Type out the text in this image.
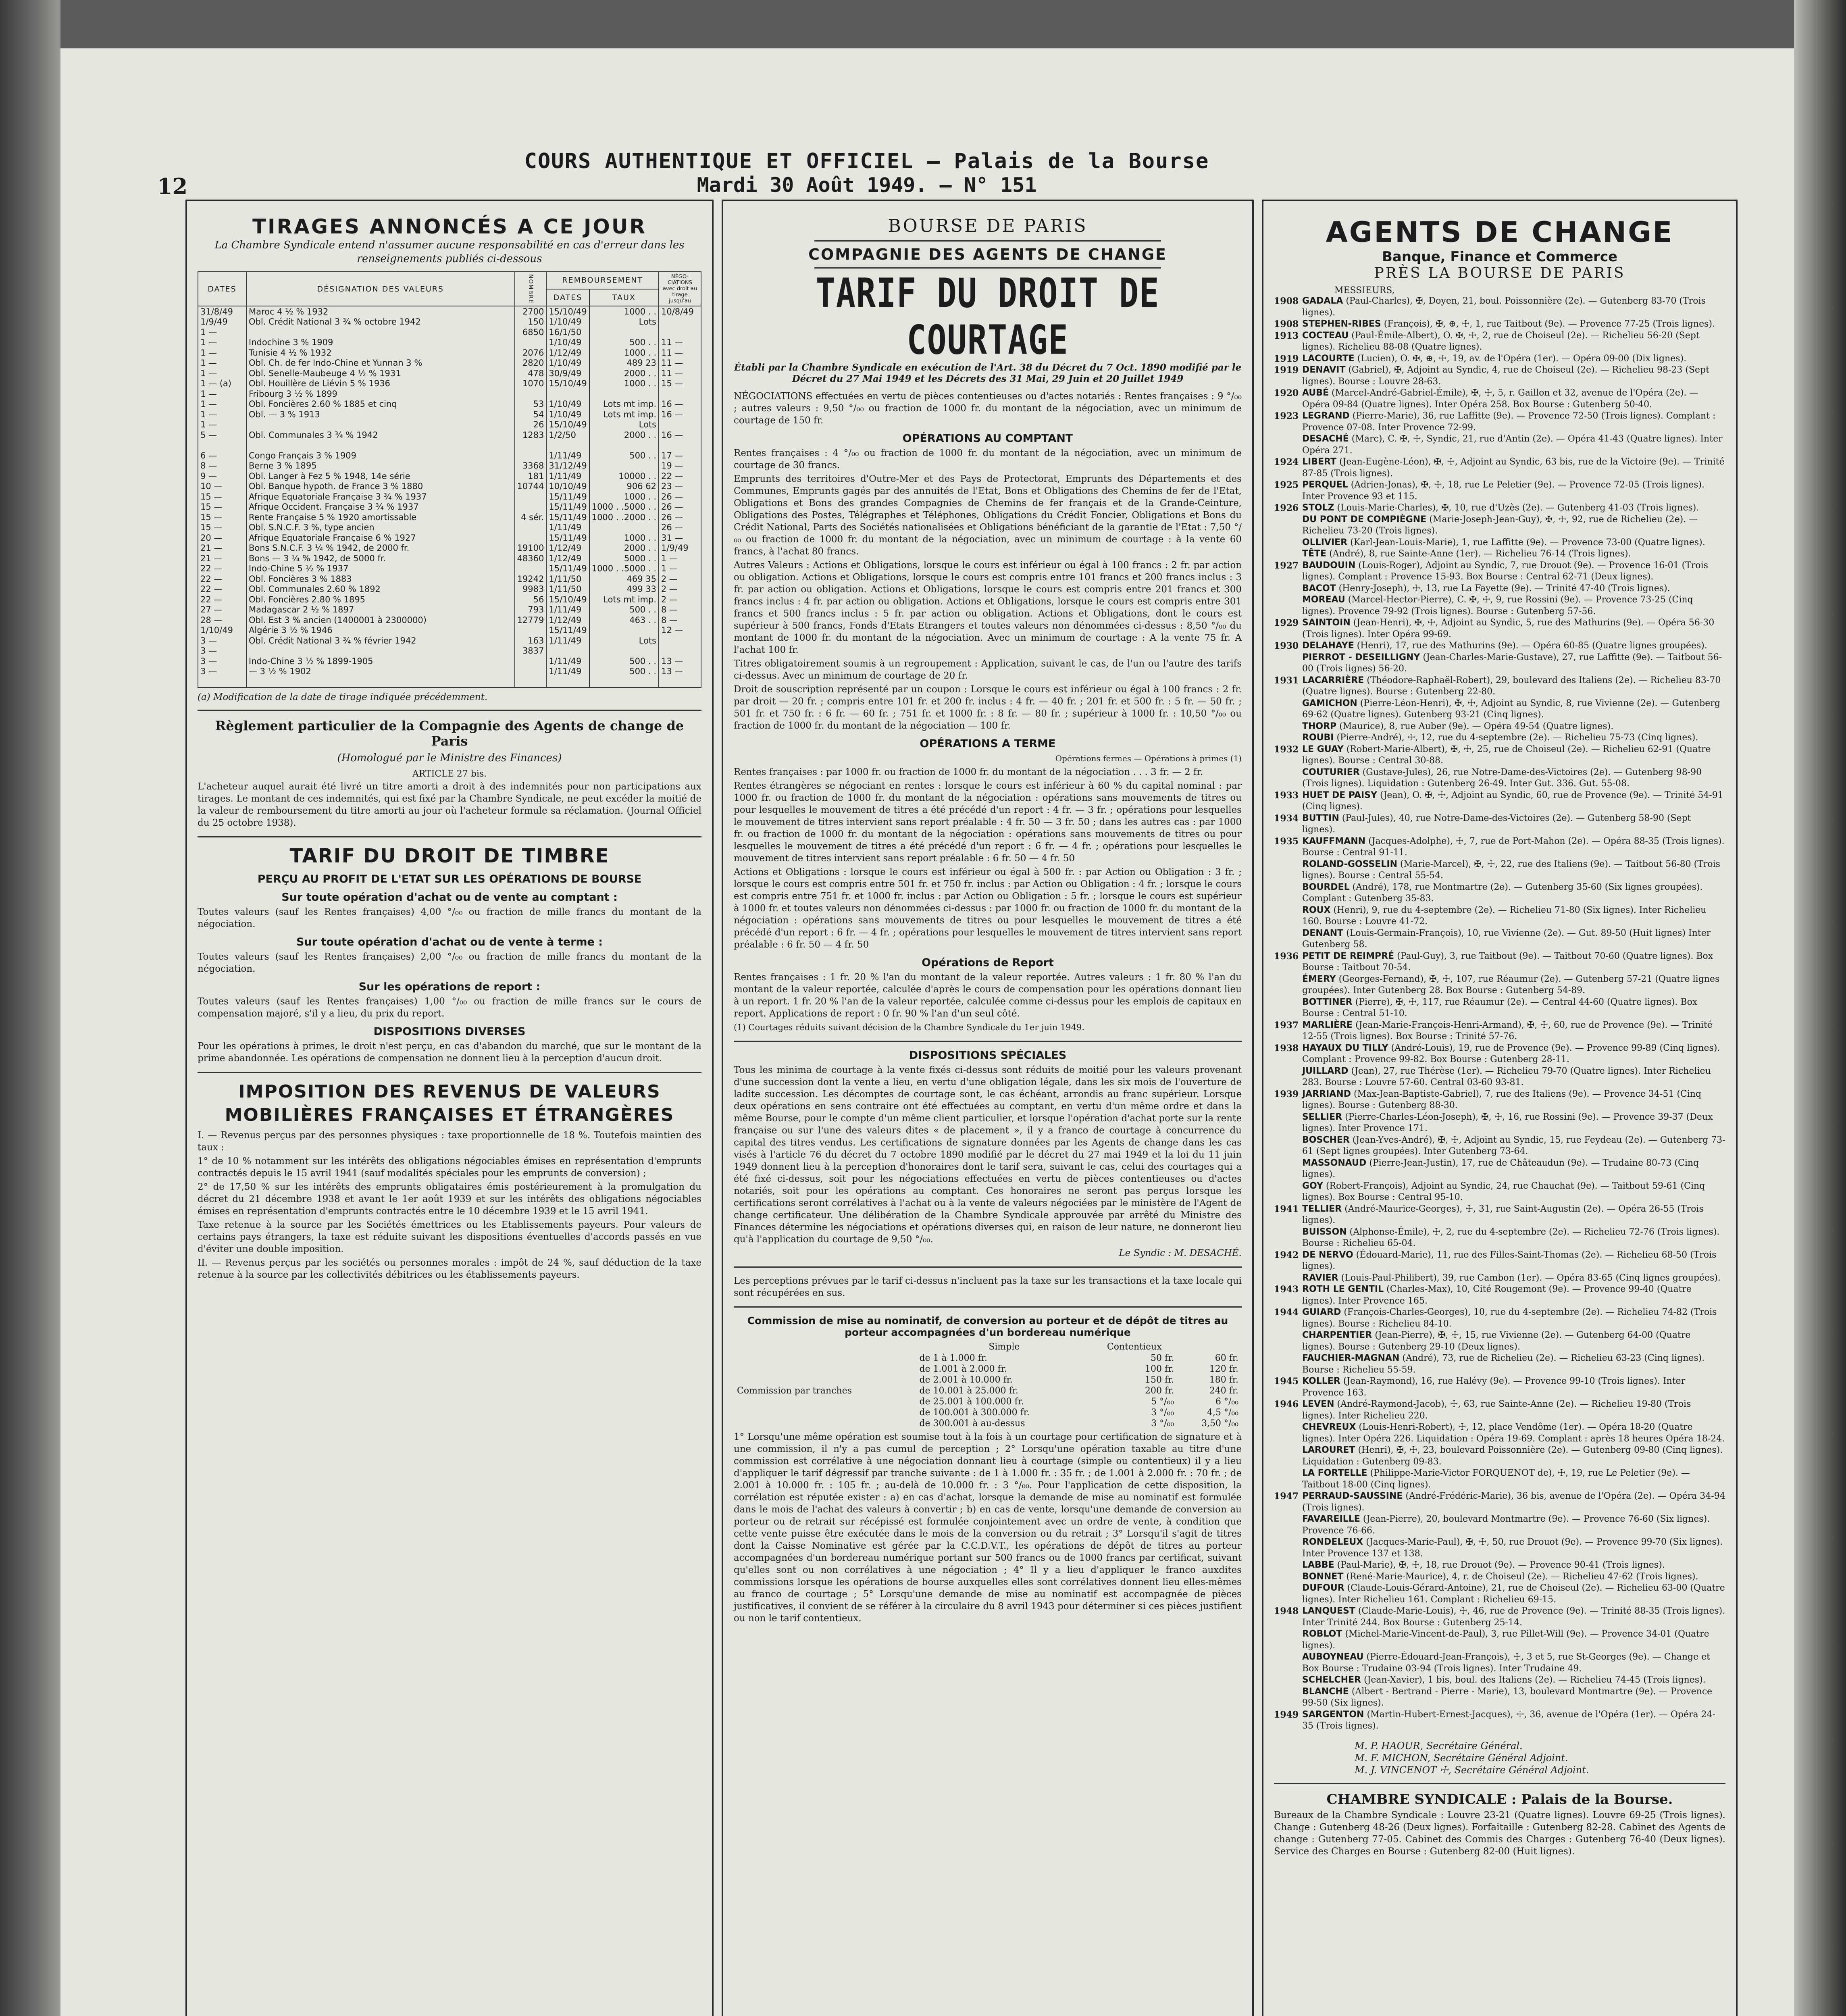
12
COURS AUTHENTIQUE ET OFFICIEL — Palais de la Bourse
Mardi 30 Août 1949. — N° 151
TIRAGES ANNONCÉS A CE JOUR
La Chambre Syndicale entend n'assumer aucune responsabilité en cas d'erreur dans les renseignements publiés ci-dessous
DATES	DÉSIGNATION DES VALEURS	NOMBRE	REMBOURSEMENT		NÉGO-CIATIONS avec droit au tirage jusqu'au
			DATES	TAUX	
31/8/49	Maroc 4 ½ % 1932	2700	15/10/49	1000 . .	10/8/49
1/9/49	Obl. Crédit National 3 ¾ % octobre 1942	150	1/10/49	Lots	
1 —		6850	16/1/50		
1 —	Indochine 3 % 1909		1/10/49	500 . .	11 —
1 —	Tunisie 4 ½ % 1932	2076	1/12/49	1000 . .	11 —
1 —	Obl. Ch. de fer Indo-Chine et Yunnan 3 %	2820	1/10/49	489 23	11 —
1 —	Obl. Senelle-Maubeuge 4 ½ % 1931	478	30/9/49	2000 . .	11 —
1 — (a)	Obl. Houillère de Liévin 5 % 1936	1070	15/10/49	1000 . .	15 —
1 —	Fribourg 3 ½ % 1899				
1 —	Obl. Foncières 2.60 % 1885 et cinq	53	1/10/49	Lots mt imp.	16 —
1 —	Obl. — 3 % 1913	54	1/10/49	Lots mt imp.	16 —
1 —		26	15/10/49	Lots	
5 —	Obl. Communales 3 ¾ % 1942	1283	1/2/50	2000 . .	16 —

6 —	Congo Français 3 % 1909		1/11/49	500 . .	17 —
8 —	Berne 3 % 1895	3368	31/12/49		19 —
9 —	Obl. Langer à Fez 5 % 1948, 14e série	181	1/11/49	10000 . .	22 —
10 —	Obl. Banque hypoth. de France 3 % 1880	10744	10/10/49	906 62	23 —
15 —	Afrique Equatoriale Française 3 ¾ % 1937		15/11/49	1000 . .	26 —
15 —	Afrique Occident. Française 3 ¾ % 1937		15/11/49	1000 . .5000 . .	26 —
15 —	Rente Française 5 % 1920 amortissable	4 sér.	15/11/49	1000 . .2000 . .	26 —
15 —	Obl. S.N.C.F. 3 %, type ancien		1/11/49		26 —
20 —	Afrique Equatoriale Française 6 % 1927		15/11/49	1000 . .	31 —
21 —	Bons S.N.C.F. 3 ¼ % 1942, de 2000 fr.	19100	1/12/49	2000 . .	1/9/49
21 —	Bons — 3 ¼ % 1942, de 5000 fr.	48360	1/12/49	5000 . .	1 —
22 —	Indo-Chine 5 ½ % 1937		15/11/49	1000 . .5000 . .	1 —
22 —	Obl. Foncières 3 % 1883	19242	1/11/50	469 35	2 —
22 —	Obl. Communales 2.60 % 1892	9983	1/11/50	499 33	2 —
22 —	Obl. Foncières 2.80 % 1895	56	15/10/49	Lots mt imp.	2 —
27 —	Madagascar 2 ½ % 1897	793	1/11/49	500 . .	8 —
28 —	Obl. Est 3 % ancien (1400001 à 2300000)	12779	1/12/49	463 . .	8 —
1/10/49	Algérie 3 ½ % 1946		15/11/49		12 —
3 —	Obl. Crédit National 3 ¾ % février 1942	163	1/11/49	Lots	
3 —		3837			
3 —	Indo-Chine 3 ½ % 1899-1905		1/11/49	500 . .	13 —
3 —	— 3 ½ % 1902		1/11/49	500 . .	13 —

(a) Modification de la date de tirage indiquée précédemment.
Règlement particulier de la Compagnie des Agents de change de Paris
(Homologué par le Ministre des Finances)
ARTICLE 27 bis.
L'acheteur auquel aurait été livré un titre amorti a droit à des indemnités pour non participations aux tirages. Le montant de ces indemnités, qui est fixé par la Chambre Syndicale, ne peut excéder la moitié de la valeur de remboursement du titre amorti au jour où l'acheteur formule sa réclamation. (Journal Officiel du 25 octobre 1938).
TARIF DU DROIT DE TIMBRE
PERÇU AU PROFIT DE L'ETAT SUR LES OPÉRATIONS DE BOURSE
Sur toute opération d'achat ou de vente au comptant :
Toutes valeurs (sauf les Rentes françaises) 4,00 °/₀₀ ou fraction de mille francs du montant de la négociation.
Sur toute opération d'achat ou de vente à terme :
Toutes valeurs (sauf les Rentes françaises) 2,00 °/₀₀ ou fraction de mille francs du montant de la négociation.
Sur les opérations de report :
Toutes valeurs (sauf les Rentes françaises) 1,00 °/₀₀ ou fraction de mille francs sur le cours de compensation majoré, s'il y a lieu, du prix du report.
DISPOSITIONS DIVERSES
Pour les opérations à primes, le droit n'est perçu, en cas d'abandon du marché, que sur le montant de la prime abandonnée. Les opérations de compensation ne donnent lieu à la perception d'aucun droit.
IMPOSITION DES REVENUS DE VALEURS MOBILIÈRES FRANÇAISES ET ÉTRANGÈRES
I. — Revenus perçus par des personnes physiques : taxe proportionnelle de 18 %. Toutefois maintien des taux :
1° de 10 % notamment sur les intérêts des obligations négociables émises en représentation d'emprunts contractés depuis le 15 avril 1941 (sauf modalités spéciales pour les emprunts de conversion) ;
2° de 17,50 % sur les intérêts des emprunts obligataires émis postérieurement à la promulgation du décret du 21 décembre 1938 et avant le 1er août 1939 et sur les intérêts des obligations négociables émises en représentation d'emprunts contractés entre le 10 décembre 1939 et le 15 avril 1941.
Taxe retenue à la source par les Sociétés émettrices ou les Etablissements payeurs. Pour valeurs de certains pays étrangers, la taxe est réduite suivant les dispositions éventuelles d'accords passés en vue d'éviter une double imposition.
II. — Revenus perçus par les sociétés ou personnes morales : impôt de 24 %, sauf déduction de la taxe retenue à la source par les collectivités débitrices ou les établissements payeurs.
BOURSE DE PARIS
COMPAGNIE DES AGENTS DE CHANGE
TARIF DU DROIT DE COURTAGE
Établi par la Chambre Syndicale en exécution de l'Art. 38 du Décret du 7 Oct. 1890 modifié par le Décret du 27 Mai 1949 et les Décrets des 31 Mai, 29 Juin et 20 Juillet 1949
NÉGOCIATIONS effectuées en vertu de pièces contentieuses ou d'actes notariés : Rentes françaises : 9 °/₀₀ ; autres valeurs : 9,50 °/₀₀ ou fraction de 1000 fr. du montant de la négociation, avec un minimum de courtage de 150 fr.
OPÉRATIONS AU COMPTANT
Rentes françaises : 4 °/₀₀ ou fraction de 1000 fr. du montant de la négociation, avec un minimum de courtage de 30 francs.
Emprunts des territoires d'Outre-Mer et des Pays de Protectorat, Emprunts des Départements et des Communes, Emprunts gagés par des annuités de l'Etat, Bons et Obligations des Chemins de fer de l'Etat, Obligations et Bons des grandes Compagnies de Chemins de fer français et de la Grande-Ceinture, Obligations des Postes, Télégraphes et Téléphones, Obligations du Crédit Foncier, Obligations et Bons du Crédit National, Parts des Sociétés nationalisées et Obligations bénéficiant de la garantie de l'Etat : 7,50 °/₀₀ ou fraction de 1000 fr. du montant de la négociation, avec un minimum de courtage : à la vente 60 francs, à l'achat 80 francs.
Autres Valeurs : Actions et Obligations, lorsque le cours est inférieur ou égal à 100 francs : 2 fr. par action ou obligation. Actions et Obligations, lorsque le cours est compris entre 101 francs et 200 francs inclus : 3 fr. par action ou obligation. Actions et Obligations, lorsque le cours est compris entre 201 francs et 300 francs inclus : 4 fr. par action ou obligation. Actions et Obligations, lorsque le cours est compris entre 301 francs et 500 francs inclus : 5 fr. par action ou obligation. Actions et Obligations, dont le cours est supérieur à 500 francs, Fonds d'Etats Etrangers et toutes valeurs non dénommées ci-dessus : 8,50 °/₀₀ du montant de 1000 fr. du montant de la négociation. Avec un minimum de courtage : A la vente 75 fr. A l'achat 100 fr.
Titres obligatoirement soumis à un regroupement : Application, suivant le cas, de l'un ou l'autre des tarifs ci-dessus. Avec un minimum de courtage de 20 fr.
Droit de souscription représenté par un coupon : Lorsque le cours est inférieur ou égal à 100 francs : 2 fr. par droit — 20 fr. ; compris entre 101 fr. et 200 fr. inclus : 4 fr. — 40 fr. ; 201 fr. et 500 fr. : 5 fr. — 50 fr. ; 501 fr. et 750 fr. : 6 fr. — 60 fr. ; 751 fr. et 1000 fr. : 8 fr. — 80 fr. ; supérieur à 1000 fr. : 10,50 °/₀₀ ou fraction de 1000 fr. du montant de la négociation — 100 fr.
OPÉRATIONS A TERME
Opérations fermes — Opérations à primes (1)
Rentes françaises : par 1000 fr. ou fraction de 1000 fr. du montant de la négociation . . . 3 fr. — 2 fr.
Rentes étrangères se négociant en rentes : lorsque le cours est inférieur à 60 % du capital nominal : par 1000 fr. ou fraction de 1000 fr. du montant de la négociation : opérations sans mouvements de titres ou pour lesquelles le mouvement de titres a été précédé d'un report : 4 fr. — 3 fr. ; opérations pour lesquelles le mouvement de titres intervient sans report préalable : 4 fr. 50 — 3 fr. 50 ; dans les autres cas : par 1000 fr. ou fraction de 1000 fr. du montant de la négociation : opérations sans mouvements de titres ou pour lesquelles le mouvement de titres a été précédé d'un report : 6 fr. — 4 fr. ; opérations pour lesquelles le mouvement de titres intervient sans report préalable : 6 fr. 50 — 4 fr. 50
Actions et Obligations : lorsque le cours est inférieur ou égal à 500 fr. : par Action ou Obligation : 3 fr. ; lorsque le cours est compris entre 501 fr. et 750 fr. inclus : par Action ou Obligation : 4 fr. ; lorsque le cours est compris entre 751 fr. et 1000 fr. inclus : par Action ou Obligation : 5 fr. ; lorsque le cours est supérieur à 1000 fr. et toutes valeurs non dénommées ci-dessus : par 1000 fr. ou fraction de 1000 fr. du montant de la négociation : opérations sans mouvements de titres ou pour lesquelles le mouvement de titres a été précédé d'un report : 6 fr. — 4 fr. ; opérations pour lesquelles le mouvement de titres intervient sans report préalable : 6 fr. 50 — 4 fr. 50
Opérations de Report
Rentes françaises : 1 fr. 20 % l'an du montant de la valeur reportée. Autres valeurs : 1 fr. 80 % l'an du montant de la valeur reportée, calculée d'après le cours de compensation pour les opérations donnant lieu à un report. 1 fr. 20 % l'an de la valeur reportée, calculée comme ci-dessus pour les emplois de capitaux en report. Applications de report : 0 fr. 90 % l'an d'un seul côté.
(1) Courtages réduits suivant décision de la Chambre Syndicale du 1er juin 1949.
DISPOSITIONS SPÉCIALES
Tous les minima de courtage à la vente fixés ci-dessus sont réduits de moitié pour les valeurs provenant d'une succession dont la vente a lieu, en vertu d'une obligation légale, dans les six mois de l'ouverture de ladite succession. Les décomptes de courtage sont, le cas échéant, arrondis au franc supérieur. Lorsque deux opérations en sens contraire ont été effectuées au comptant, en vertu d'un même ordre et dans la même Bourse, pour le compte d'un même client particulier, et lorsque l'opération d'achat porte sur la rente française ou sur l'une des valeurs dites « de placement », il y a franco de courtage à concurrence du capital des titres vendus. Les certifications de signature données par les Agents de change dans les cas visés à l'article 76 du décret du 7 octobre 1890 modifié par le décret du 27 mai 1949 et la loi du 11 juin 1949 donnent lieu à la perception d'honoraires dont le tarif sera, suivant le cas, celui des courtages qui a été fixé ci-dessus, soit pour les négociations effectuées en vertu de pièces contentieuses ou d'actes notariés, soit pour les opérations au comptant. Ces honoraires ne seront pas perçus lorsque les certifications seront corrélatives à l'achat ou à la vente de valeurs négociées par le ministère de l'Agent de change certificateur. Une délibération de la Chambre Syndicale approuvée par arrêté du Ministre des Finances détermine les négociations et opérations diverses qui, en raison de leur nature, ne donneront lieu qu'à l'application du courtage de 9,50 °/₀₀.
Le Syndic : M. DESACHÉ.
Les perceptions prévues par le tarif ci-dessus n'incluent pas la taxe sur les transactions et la taxe locale qui sont récupérées en sus.
Commission de mise au nominatif, de conversion au porteur et de dépôt de titres au porteur accompagnées d'un bordereau numérique
	Simple	Contentieux	
Commission par tranches	de 1 à 1.000 fr.	50 fr.	60 fr.
	de 1.001 à 2.000 fr.	100 fr.	120 fr.
	de 2.001 à 10.000 fr.	150 fr.	180 fr.
	de 10.001 à 25.000 fr.	200 fr.	240 fr.
	de 25.001 à 100.000 fr.	5 °/₀₀	6 °/₀₀
	de 100.001 à 300.000 fr.	3 °/₀₀	4,5 °/₀₀
	de 300.001 à au-dessus	3 °/₀₀	3,50 °/₀₀
1° Lorsqu'une même opération est soumise tout à la fois à un courtage pour certification de signature et à une commission, il n'y a pas cumul de perception ; 2° Lorsqu'une opération taxable au titre d'une commission est corrélative à une négociation donnant lieu à courtage (simple ou contentieux) il y a lieu d'appliquer le tarif dégressif par tranche suivante : de 1 à 1.000 fr. : 35 fr. ; de 1.001 à 2.000 fr. : 70 fr. ; de 2.001 à 10.000 fr. : 105 fr. ; au-delà de 10.000 fr. : 3 °/₀₀. Pour l'application de cette disposition, la corrélation est réputée exister : a) en cas d'achat, lorsque la demande de mise au nominatif est formulée dans le mois de l'achat des valeurs à convertir ; b) en cas de vente, lorsqu'une demande de conversion au porteur ou de retrait sur récépissé est formulée conjointement avec un ordre de vente, à condition que cette vente puisse être exécutée dans le mois de la conversion ou du retrait ; 3° Lorsqu'il s'agit de titres dont la Caisse Nominative est gérée par la C.C.D.V.T., les opérations de dépôt de titres au porteur accompagnées d'un bordereau numérique portant sur 500 francs ou de 1000 francs par certificat, suivant qu'elles sont ou non corrélatives à une négociation ; 4° Il y a lieu d'appliquer le franco auxdites commissions lorsque les opérations de bourse auxquelles elles sont corrélatives donnent lieu elles-mêmes au franco de courtage ; 5° Lorsqu'une demande de mise au nominatif est accompagnée de pièces justificatives, il convient de se référer à la circulaire du 8 avril 1943 pour déterminer si ces pièces justifient ou non le tarif contentieux.
AGENTS DE CHANGE
Banque, Finance et Commerce
PRÈS LA BOURSE DE PARIS
MESSIEURS,
1908 GADALA (Paul-Charles), ✠, Doyen, 21, boul. Poissonnière (2e). — Gutenberg 83-70 (Trois lignes).
1908 STEPHEN-RIBES (François), ✠, ⊕, ☩, 1, rue Taitbout (9e). — Provence 77-25 (Trois lignes).
1913 COCTEAU (Paul-Émile-Albert), O. ✠, ☩, 2, rue de Choiseul (2e). — Richelieu 56-20 (Sept lignes). Richelieu 88-08 (Quatre lignes).
1919 LACOURTE (Lucien), O. ✠, ⊕, ☩, 19, av. de l'Opéra (1er). — Opéra 09-00 (Dix lignes).
1919 DENAVIT (Gabriel), ✠, Adjoint au Syndic, 4, rue de Choiseul (2e). — Richelieu 98-23 (Sept lignes). Bourse : Louvre 28-63.
1920 AUBÉ (Marcel-André-Gabriel-Émile), ✠, ☩, 5, r. Gaillon et 32, avenue de l'Opéra (2e). — Opéra 09-84 (Quatre lignes). Inter Opéra 258. Box Bourse : Gutenberg 50-40.
1923 LEGRAND (Pierre-Marie), 36, rue Laffitte (9e). — Provence 72-50 (Trois lignes). Complant : Provence 07-08. Inter Provence 72-99.
DESACHÉ (Marc), C. ✠, ☩, Syndic, 21, rue d'Antin (2e). — Opéra 41-43 (Quatre lignes). Inter Opéra 271.
1924 LIBERT (Jean-Eugène-Léon), ✠, ☩, Adjoint au Syndic, 63 bis, rue de la Victoire (9e). — Trinité 87-85 (Trois lignes).
1925 PERQUEL (Adrien-Jonas), ✠, ☩, 18, rue Le Peletier (9e). — Provence 72-05 (Trois lignes). Inter Provence 93 et 115.
1926 STOLZ (Louis-Marie-Charles), ✠, 10, rue d'Uzès (2e). — Gutenberg 41-03 (Trois lignes).
DU PONT DE COMPIÈGNE (Marie-Joseph-Jean-Guy), ✠, ☩, 92, rue de Richelieu (2e). — Richelieu 73-20 (Trois lignes).
OLLIVIER (Karl-Jean-Louis-Marie), 1, rue Laffitte (9e). — Provence 73-00 (Quatre lignes).
TÊTE (André), 8, rue Sainte-Anne (1er). — Richelieu 76-14 (Trois lignes).
1927 BAUDOUIN (Louis-Roger), Adjoint au Syndic, 7, rue Drouot (9e). — Provence 16-01 (Trois lignes). Complant : Provence 15-93. Box Bourse : Central 62-71 (Deux lignes).
BACOT (Henry-Joseph), ☩, 13, rue La Fayette (9e). — Trinité 47-40 (Trois lignes).
MOREAU (Marcel-Hector-Pierre), C. ✠, ☩, 9, rue Rossini (9e). — Provence 73-25 (Cinq lignes). Provence 79-92 (Trois lignes). Bourse : Gutenberg 57-56.
1929 SAINTOIN (Jean-Henri), ✠, ☩, Adjoint au Syndic, 5, rue des Mathurins (9e). — Opéra 56-30 (Trois lignes). Inter Opéra 99-69.
1930 DELAHAYE (Henri), 17, rue des Mathurins (9e). — Opéra 60-85 (Quatre lignes groupées).
PIERROT - DESEILLIGNY (Jean-Charles-Marie-Gustave), 27, rue Laffitte (9e). — Taitbout 56-00 (Trois lignes) 56-20.
1931 LACARRIÈRE (Théodore-Raphaël-Robert), 29, boulevard des Italiens (2e). — Richelieu 83-70 (Quatre lignes). Bourse : Gutenberg 22-80.
GAMICHON (Pierre-Léon-Henri), ✠, ☩, Adjoint au Syndic, 8, rue Vivienne (2e). — Gutenberg 69-62 (Quatre lignes). Gutenberg 93-21 (Cinq lignes).
THORP (Maurice), 8, rue Auber (9e). — Opéra 49-54 (Quatre lignes).
ROUBI (Pierre-André), ☩, 12, rue du 4-septembre (2e). — Richelieu 75-73 (Cinq lignes).
1932 LE GUAY (Robert-Marie-Albert), ✠, ☩, 25, rue de Choiseul (2e). — Richelieu 62-91 (Quatre lignes). Bourse : Central 30-88.
COUTURIER (Gustave-Jules), 26, rue Notre-Dame-des-Victoires (2e). — Gutenberg 98-90 (Trois lignes). Liquidation : Gutenberg 26-49. Inter Gut. 336. Gut. 55-08.
1933 HUET DE PAISY (Jean), O. ✠, ☩, Adjoint au Syndic, 60, rue de Provence (9e). — Trinité 54-91 (Cinq lignes).
1934 BUTTIN (Paul-Jules), 40, rue Notre-Dame-des-Victoires (2e). — Gutenberg 58-90 (Sept lignes).
1935 KAUFFMANN (Jacques-Adolphe), ☩, 7, rue de Port-Mahon (2e). — Opéra 88-35 (Trois lignes). Bourse : Central 91-11.
ROLAND-GOSSELIN (Marie-Marcel), ✠, ☩, 22, rue des Italiens (9e). — Taitbout 56-80 (Trois lignes). Bourse : Central 55-54.
BOURDEL (André), 178, rue Montmartre (2e). — Gutenberg 35-60 (Six lignes groupées). Complant : Gutenberg 35-83.
ROUX (Henri), 9, rue du 4-septembre (2e). — Richelieu 71-80 (Six lignes). Inter Richelieu 160. Bourse : Louvre 41-72.
DENANT (Louis-Germain-François), 10, rue Vivienne (2e). — Gut. 89-50 (Huit lignes) Inter Gutenberg 58.
1936 PETIT DE REIMPRÉ (Paul-Guy), 3, rue Taitbout (9e). — Taitbout 70-60 (Quatre lignes). Box Bourse : Taitbout 70-54.
ÉMERY (Georges-Fernand), ✠, ☩, 107, rue Réaumur (2e). — Gutenberg 57-21 (Quatre lignes groupées). Inter Gutenberg 28. Box Bourse : Gutenberg 54-89.
BOTTINER (Pierre), ✠, ☩, 117, rue Réaumur (2e). — Central 44-60 (Quatre lignes). Box Bourse : Central 51-10.
1937 MARLIÈRE (Jean-Marie-François-Henri-Armand), ✠, ☩, 60, rue de Provence (9e). — Trinité 12-55 (Trois lignes). Box Bourse : Trinité 57-76.
1938 HAYAUX DU TILLY (André-Louis), 19, rue de Provence (9e). — Provence 99-89 (Cinq lignes). Complant : Provence 99-82. Box Bourse : Gutenberg 28-11.
JUILLARD (Jean), 27, rue Thérèse (1er). — Richelieu 79-70 (Quatre lignes). Inter Richelieu 283. Bourse : Louvre 57-60. Central 03-60 93-81.
1939 JARRIAND (Max-Jean-Baptiste-Gabriel), 7, rue des Italiens (9e). — Provence 34-51 (Cinq lignes). Bourse : Gutenberg 88-30.
SELLIER (Pierre-Charles-Léon-Joseph), ✠, ☩, 16, rue Rossini (9e). — Provence 39-37 (Deux lignes). Inter Provence 171.
BOSCHER (Jean-Yves-André), ✠, ☩, Adjoint au Syndic, 15, rue Feydeau (2e). — Gutenberg 73-61 (Sept lignes groupées). Inter Gutenberg 73-64.
MASSONAUD (Pierre-Jean-Justin), 17, rue de Châteaudun (9e). — Trudaine 80-73 (Cinq lignes).
GOY (Robert-François), Adjoint au Syndic, 24, rue Chauchat (9e). — Taitbout 59-61 (Cinq lignes). Box Bourse : Central 95-10.
1941 TELLIER (André-Maurice-Georges), ☩, 31, rue Saint-Augustin (2e). — Opéra 26-55 (Trois lignes).
BUISSON (Alphonse-Émile), ☩, 2, rue du 4-septembre (2e). — Richelieu 72-76 (Trois lignes). Bourse : Richelieu 65-04.
1942 DE NERVO (Édouard-Marie), 11, rue des Filles-Saint-Thomas (2e). — Richelieu 68-50 (Trois lignes).
RAVIER (Louis-Paul-Philibert), 39, rue Cambon (1er). — Opéra 83-65 (Cinq lignes groupées).
1943 ROTH LE GENTIL (Charles-Max), 10, Cité Rougemont (9e). — Provence 99-40 (Quatre lignes). Inter Provence 165.
1944 GUIARD (François-Charles-Georges), 10, rue du 4-septembre (2e). — Richelieu 74-82 (Trois lignes). Bourse : Richelieu 84-10.
CHARPENTIER (Jean-Pierre), ✠, ☩, 15, rue Vivienne (2e). — Gutenberg 64-00 (Quatre lignes). Bourse : Gutenberg 29-10 (Deux lignes).
FAUCHIER-MAGNAN (André), 73, rue de Richelieu (2e). — Richelieu 63-23 (Cinq lignes). Bourse : Richelieu 55-59.
1945 KOLLER (Jean-Raymond), 16, rue Halévy (9e). — Provence 99-10 (Trois lignes). Inter Provence 163.
1946 LEVEN (André-Raymond-Jacob), ☩, 63, rue Sainte-Anne (2e). — Richelieu 19-80 (Trois lignes). Inter Richelieu 220.
CHEVREUX (Louis-Henri-Robert), ☩, 12, place Vendôme (1er). — Opéra 18-20 (Quatre lignes). Inter Opéra 226. Liquidation : Opéra 19-69. Complant : après 18 heures Opéra 18-24.
LAROURET (Henri), ✠, ☩, 23, boulevard Poissonnière (2e). — Gutenberg 09-80 (Cinq lignes). Liquidation : Gutenberg 09-83.
LA FORTELLE (Philippe-Marie-Victor FORQUENOT de), ☩, 19, rue Le Peletier (9e). — Taitbout 18-00 (Cinq lignes).
1947 PERRAUD-SAUSSINE (André-Frédéric-Marie), 36 bis, avenue de l'Opéra (2e). — Opéra 34-94 (Trois lignes).
FAVAREILLE (Jean-Pierre), 20, boulevard Montmartre (9e). — Provence 76-60 (Six lignes). Provence 76-66.
RONDELEUX (Jacques-Marie-Paul), ✠, ☩, 50, rue Drouot (9e). — Provence 99-70 (Six lignes). Inter Provence 137 et 138.
LABBE (Paul-Marie), ✠, ☩, 18, rue Drouot (9e). — Provence 90-41 (Trois lignes).
BONNET (René-Marie-Maurice), 4, r. de Choiseul (2e). — Richelieu 47-62 (Trois lignes).
DUFOUR (Claude-Louis-Gérard-Antoine), 21, rue de Choiseul (2e). — Richelieu 63-00 (Quatre lignes). Inter Richelieu 161. Complant : Richelieu 69-15.
1948 LANQUEST (Claude-Marie-Louis), ☩, 46, rue de Provence (9e). — Trinité 88-35 (Trois lignes). Inter Trinité 244. Box Bourse : Gutenberg 25-14.
ROBLOT (Michel-Marie-Vincent-de-Paul), 3, rue Pillet-Will (9e). — Provence 34-01 (Quatre lignes).
AUBOYNEAU (Pierre-Édouard-Jean-François), ☩, 3 et 5, rue St-Georges (9e). — Change et Box Bourse : Trudaine 03-94 (Trois lignes). Inter Trudaine 49.
SCHELCHER (Jean-Xavier), 1 bis, boul. des Italiens (2e). — Richelieu 74-45 (Trois lignes).
BLANCHE (Albert - Bertrand - Pierre - Marie), 13, boulevard Montmartre (9e). — Provence 99-50 (Six lignes).
1949 SARGENTON (Martin-Hubert-Ernest-Jacques), ☩, 36, avenue de l'Opéra (1er). — Opéra 24-35 (Trois lignes).
M. P. HAOUR, Secrétaire Général.
M. F. MICHON, Secrétaire Général Adjoint.
M. J. VINCENOT ☩, Secrétaire Général Adjoint.
CHAMBRE SYNDICALE : Palais de la Bourse.
Bureaux de la Chambre Syndicale : Louvre 23-21 (Quatre lignes). Louvre 69-25 (Trois lignes). Change : Gutenberg 48-26 (Deux lignes). Forfaitaille : Gutenberg 82-28. Cabinet des Agents de change : Gutenberg 77-05. Cabinet des Commis des Charges : Gutenberg 76-40 (Deux lignes). Service des Charges en Bourse : Gutenberg 82-00 (Huit lignes).
